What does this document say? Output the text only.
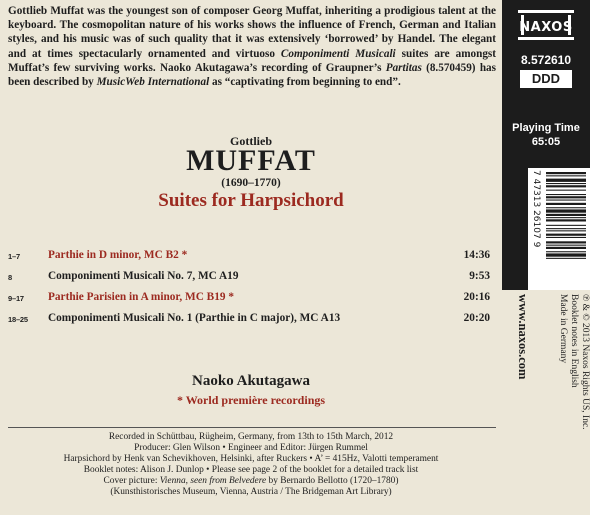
Gottlieb Muffat was the youngest son of composer Georg Muffat, inheriting a prodigious talent at the keyboard. The cosmopolitan nature of his works shows the influence of French, German and Italian styles, and his music was of such quality that it was extensively ‘borrowed’ by Handel. The elegant and at times spectacularly ornamented and virtuoso Componimenti Musicali suites are amongst Muffat’s few surviving works. Naoko Akutagawa’s recording of Graupner’s Partitas (8.570459) has been described by MusicWeb International as “captivating from beginning to end”.
Gottlieb
MUFFAT
(1690–1770)
Suites for Harpsichord
1–7 Parthie in D minor, MC B2 *	14:36
8	Componimenti Musicali No. 7, MC A19	9:53
9–17 Parthie Parisien in A minor, MC B19 *	20:16
18–25 Componimenti Musicali No. 1 (Parthie in C major), MC A13	20:20
Naoko Akutagawa
* World première recordings
Recorded in Schüttbau, Rügheim, Germany, from 13th to 15th March, 2012
Producer: Glen Wilson • Engineer and Editor: Jürgen Rummel
Harpsichord by Henk van Schevikhoven, Helsinki, after Ruckers • A’ = 415Hz, Valotti temperament
Booklet notes: Alison J. Dunlop • Please see page 2 of the booklet for a detailed track list
Cover picture: Vienna, seen from Belvedere by Bernardo Bellotto (1720–1780)
(Kunsthistorisches Museum, Vienna, Austria / The Bridgeman Art Library)
℗ & © 2013 Naxos Rights US, Inc.
Booklet notes in English
Made in Germany
www.naxos.com
NAXOS
8.572610
DDD
Playing Time
65:05
7 47313 26107 9
